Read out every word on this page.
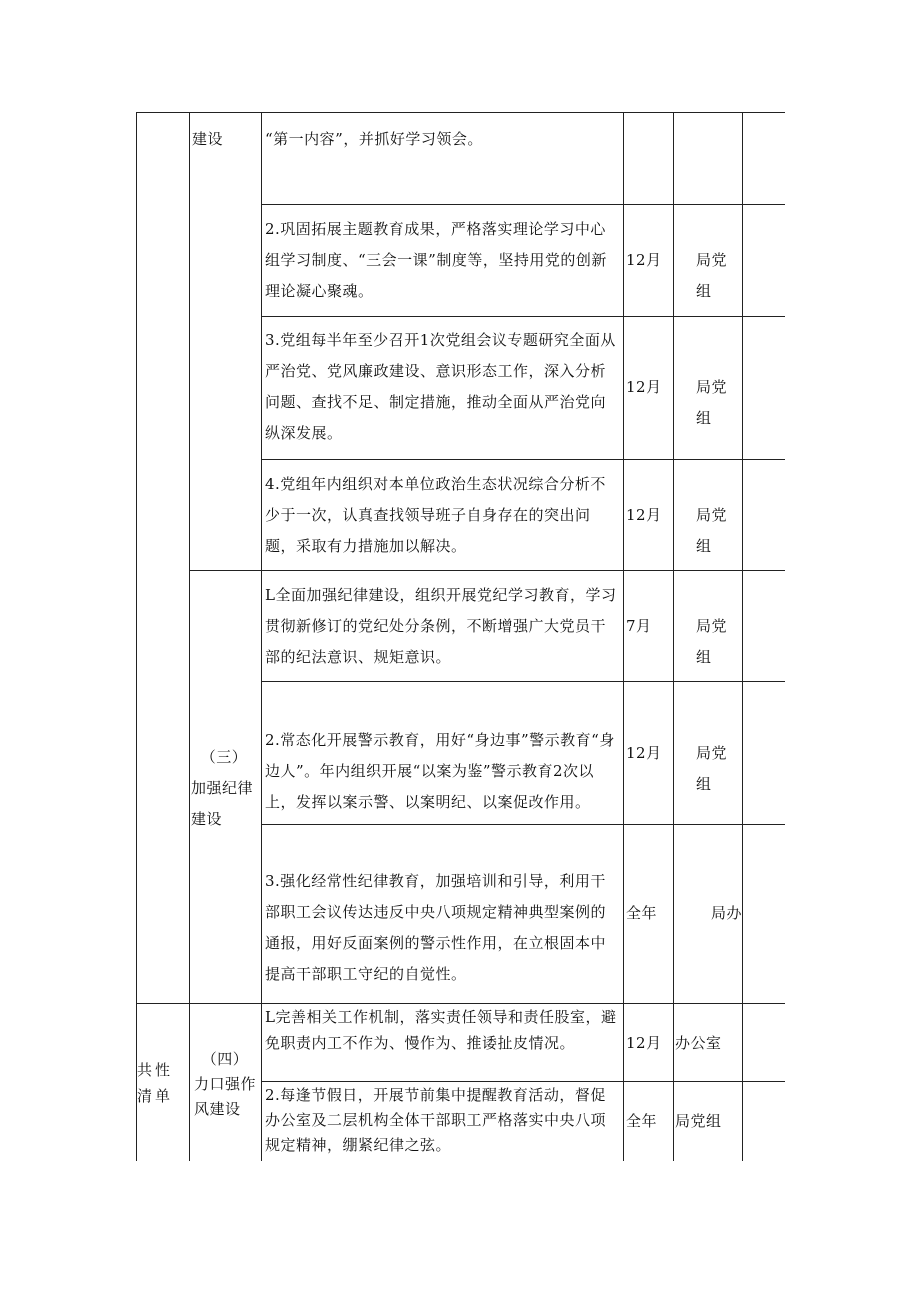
共性
清单
建设
（三）
加强纪律
建设
（四）
力口强作
风建设
“第一内容”，并抓好学习领会。
2.巩固拓展主题教育成果，严格落实理论学习中心组学习制度、“三会一课”制度等，坚持用党的创新理论凝心聚魂。
3.党组每半年至少召开1次党组会议专题研究全面从严治党、党风廉政建设、意识形态工作，深入分析问题、查找不足、制定措施，推动全面从严治党向纵深发展。
4.党组年内组织对本单位政治生态状况综合分析不少于一次，认真查找领导班子自身存在的突出问题，采取有力措施加以解决。
L全面加强纪律建设，组织开展党纪学习教育，学习贯彻新修订的党纪处分条例，不断增强广大党员干部的纪法意识、规矩意识。
2.常态化开展警示教育，用好“身边事”警示教育“身边人”。年内组织开展“以案为鉴”警示教育2次以上，发挥以案示警、以案明纪、以案促改作用。
3.强化经常性纪律教育，加强培训和引导，利用干部职工会议传达违反中央八项规定精神典型案例的通报，用好反面案例的警示性作用，在立根固本中提高干部职工守纪的自觉性。
L完善相关工作机制，落实责任领导和责任股室，避免职责内工不作为、慢作为、推诿扯皮情况。
2.每逢节假日，开展节前集中提醒教育活动，督促办公室及二层机构全体干部职工严格落实中央八项规定精神，绷紧纪律之弦。
12月
12月
12月
7月
12月
全年
12月
全年
局党组
局党组
局党组
局党组
局党组
局办
办公室
局党组
